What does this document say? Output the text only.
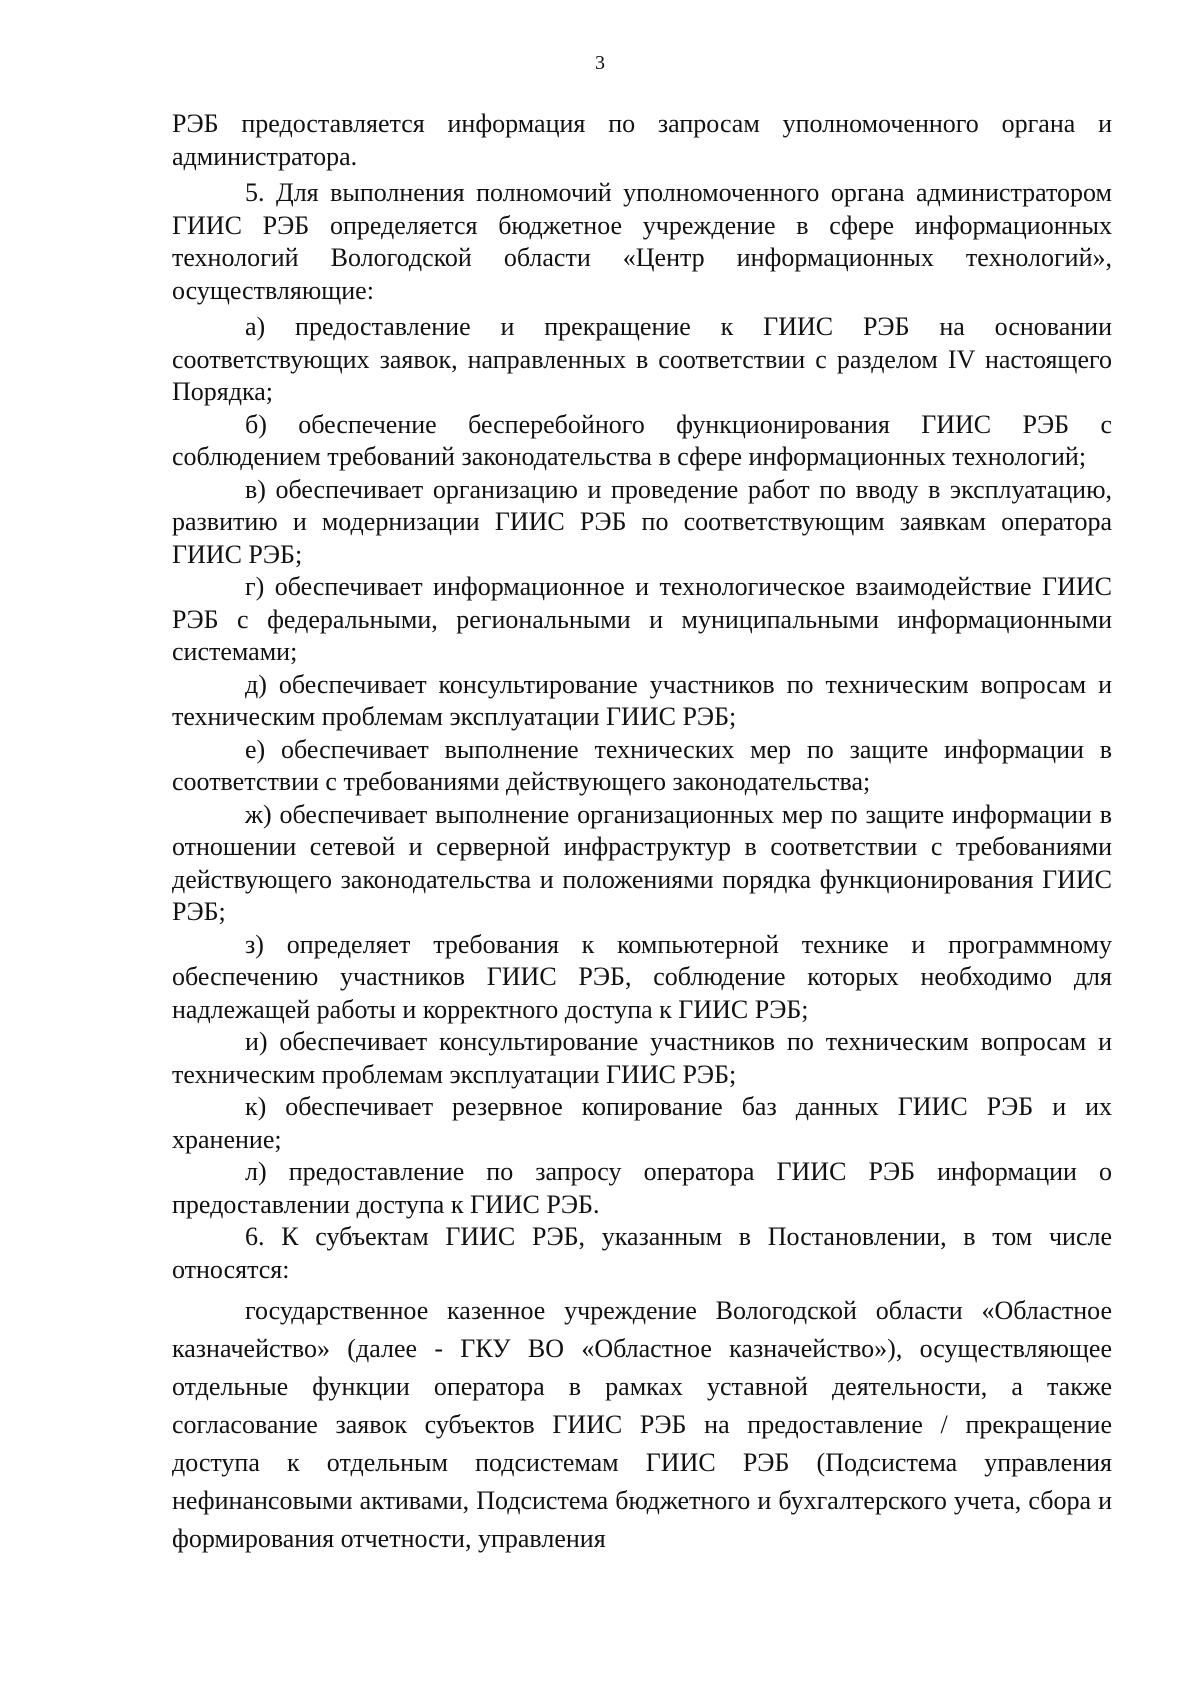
3

РЭБ предоставляется информация по запросам уполномоченного органа и администратора.

5. Для выполнения полномочий уполномоченного органа администратором ГИИС РЭБ определяется бюджетное учреждение в сфере информационных технологий Вологодской области «Центр информационных технологий», осуществляющие:

а) предоставление и прекращение к ГИИС РЭБ на основании соответствующих заявок, направленных в соответствии с разделом IV настоящего Порядка;

б) обеспечение бесперебойного функционирования ГИИС РЭБ с соблюдением требований законодательства в сфере информационных технологий;

в) обеспечивает организацию и проведение работ по вводу в эксплуатацию, развитию и модернизации ГИИС РЭБ по соответствующим заявкам оператора ГИИС РЭБ;

г) обеспечивает информационное и технологическое взаимодействие ГИИС РЭБ с федеральными, региональными и муниципальными информационными системами;

д) обеспечивает консультирование участников по техническим вопросам и техническим проблемам эксплуатации ГИИС РЭБ;

е) обеспечивает выполнение технических мер по защите информации в соответствии с требованиями действующего законодательства;

ж) обеспечивает выполнение организационных мер по защите информации в отношении сетевой и серверной инфраструктур в соответствии с требованиями действующего законодательства и положениями порядка функционирования ГИИС РЭБ;

з) определяет требования к компьютерной технике и программному обеспечению участников ГИИС РЭБ, соблюдение которых необходимо для надлежащей работы и корректного доступа к ГИИС РЭБ;

и) обеспечивает консультирование участников по техническим вопросам и техническим проблемам эксплуатации ГИИС РЭБ;

к) обеспечивает резервное копирование баз данных ГИИС РЭБ и их хранение;

л) предоставление по запросу оператора ГИИС РЭБ информации о предоставлении доступа к ГИИС РЭБ.

6. К субъектам ГИИС РЭБ, указанным в Постановлении, в том числе относятся:

государственное казенное учреждение Вологодской области «Областное казначейство» (далее - ГКУ ВО «Областное казначейство»), осуществляющее отдельные функции оператора в рамках уставной деятельности, а также согласование заявок субъектов ГИИС РЭБ на предоставление / прекращение доступа к отдельным подсистемам ГИИС РЭБ (Подсистема управления нефинансовыми активами, Подсистема бюджетного и бухгалтерского учета, сбора и формирования отчетности, управления
